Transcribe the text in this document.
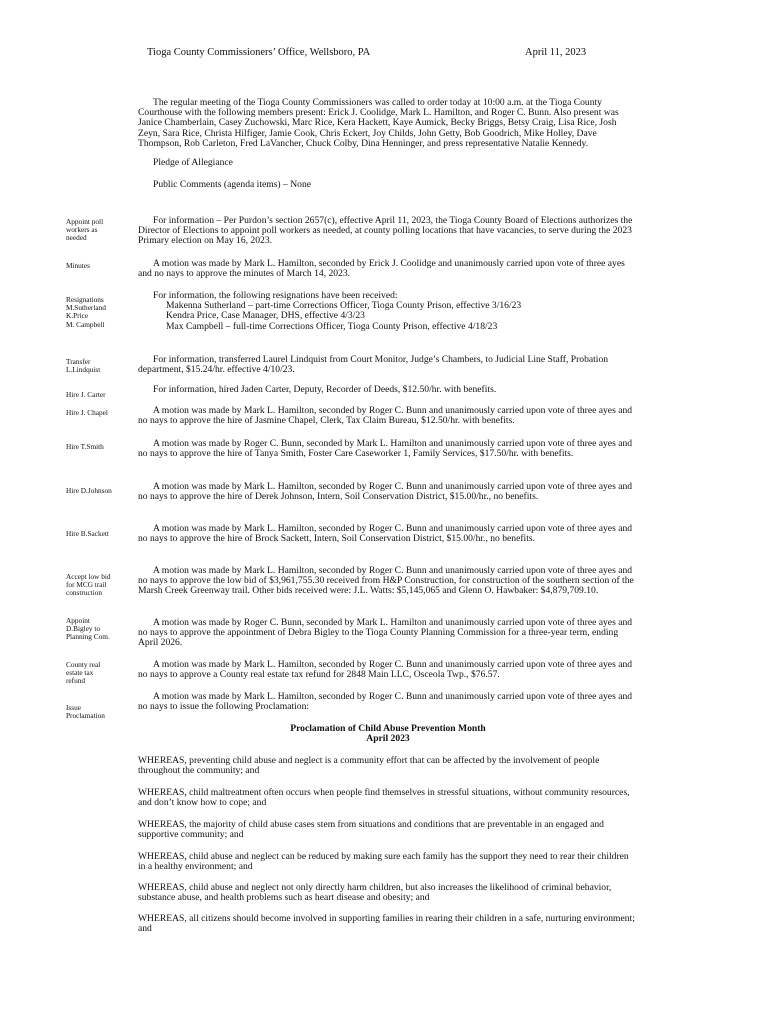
Tioga County Commissioners’ Office, Wellsboro, PA	April 11, 2023

The regular meeting of the Tioga County Commissioners was called to order today at 10:00 a.m. at the Tioga County Courthouse with the following members present: Erick J. Coolidge, Mark L. Hamilton, and Roger C. Bunn. Also present was Janice Chamberlain, Casey Zuchowski, Marc Rice, Kera Hackett, Kaye Aumick, Becky Briggs, Betsy Craig, Lisa Rice, Josh Zeyn, Sara Rice, Christa Hilfiger, Jamie Cook, Chris Eckert, Joy Childs, John Getty, Bob Goodrich, Mike Holley, Dave Thompson, Rob Carleton, Fred LaVancher, Chuck Colby, Dina Henninger, and press representative Natalie Kennedy.

Pledge of Allegiance

Public Comments (agenda items) – None

Appoint poll
workers as
needed

For information – Per Purdon’s section 2657(c), effective April 11, 2023, the Tioga County Board of Elections authorizes the Director of Elections to appoint poll workers as needed, at county polling locations that have vacancies, to serve during the 2023 Primary election on May 16, 2023.

Minutes	A motion was made by Mark L. Hamilton, seconded by Erick J. Coolidge and unanimously carried upon vote of three ayes and no nays to approve the minutes of March 14, 2023.

Resignations
M.Sutherland
K.Price
M. Campbell

For information, the following resignations have been received:

Makenna Sutherland – part-time Corrections Officer, Tioga County Prison, effective 3/16/23
Kendra Price, Case Manager, DHS, effective 4/3/23
Max Campbell – full-time Corrections Officer, Tioga County Prison, effective 4/18/23
Transfer
L.Lindquist

For information, transferred Laurel Lindquist from Court Monitor, Judge’s Chambers, to Judicial Line Staff, Probation department, $15.24/hr. effective 4/10/23.

Hire J. Carter	For information, hired Jaden Carter, Deputy, Recorder of Deeds, $12.50/hr. with benefits.

Hire J. Chapel	A motion was made by Mark L. Hamilton, seconded by Roger C. Bunn and unanimously carried upon vote of three ayes and no nays to approve the hire of Jasmine Chapel, Clerk, Tax Claim Bureau, $12.50/hr. with benefits.

Hire T.Smith	A motion was made by Roger C. Bunn, seconded by Mark L. Hamilton and unanimously carried upon vote of three ayes and no nays to approve the hire of Tanya Smith, Foster Care Caseworker 1, Family Services, $17.50/hr. with benefits.

Hire D.Johnson	A motion was made by Mark L. Hamilton, seconded by Roger C. Bunn and unanimously carried upon vote of three ayes and no nays to approve the hire of Derek Johnson, Intern, Soil Conservation District, $15.00/hr., no benefits.

Hire B.Sackett	A motion was made by Mark L. Hamilton, seconded by Roger C. Bunn and unanimously carried upon vote of three ayes and no nays to approve the hire of Brock Sackett, Intern, Soil Conservation District, $15.00/hr., no benefits.

Accept low bid
for MCG trail
construction

A motion was made by Mark L. Hamilton, seconded by Roger C. Bunn and unanimously carried upon vote of three ayes and no nays to approve the low bid of $3,961,755.30 received from H&P Construction, for construction of the southern section of the Marsh Creek Greenway trail. Other bids received were: J.L. Watts: $5,145,065 and Glenn O. Hawbaker: $4,879,709.10.

Appoint
D.Bigley to
Planning Com.

A motion was made by Roger C. Bunn, seconded by Mark L. Hamilton and unanimously carried upon vote of three ayes and no nays to approve the appointment of Debra Bigley to the Tioga County Planning Commission for a three-year term, ending April 2026.

County real
estate tax
refund

A motion was made by Mark L. Hamilton, seconded by Roger C. Bunn and unanimously carried upon vote of three ayes and no nays to approve a County real estate tax refund for 2848 Main LLC, Osceola Twp., $76.57.

Issue
Proclamation

A motion was made by Mark L. Hamilton, seconded by Roger C. Bunn and unanimously carried upon vote of three ayes and no nays to issue the following Proclamation:

Proclamation of Child Abuse Prevention Month
April 2023

WHEREAS, preventing child abuse and neglect is a community effort that can be affected by the involvement of people throughout the community; and

WHEREAS, child maltreatment often occurs when people find themselves in stressful situations, without community resources, and don’t know how to cope; and

WHEREAS, the majority of child abuse cases stem from situations and conditions that are preventable in an engaged and supportive community; and

WHEREAS, child abuse and neglect can be reduced by making sure each family has the support they need to rear their children in a healthy environment; and

WHEREAS, child abuse and neglect not only directly harm children, but also increases the likelihood of criminal behavior, substance abuse, and health problems such as heart disease and obesity; and

WHEREAS, all citizens should become involved in supporting families in rearing their children in a safe, nurturing environment; and
